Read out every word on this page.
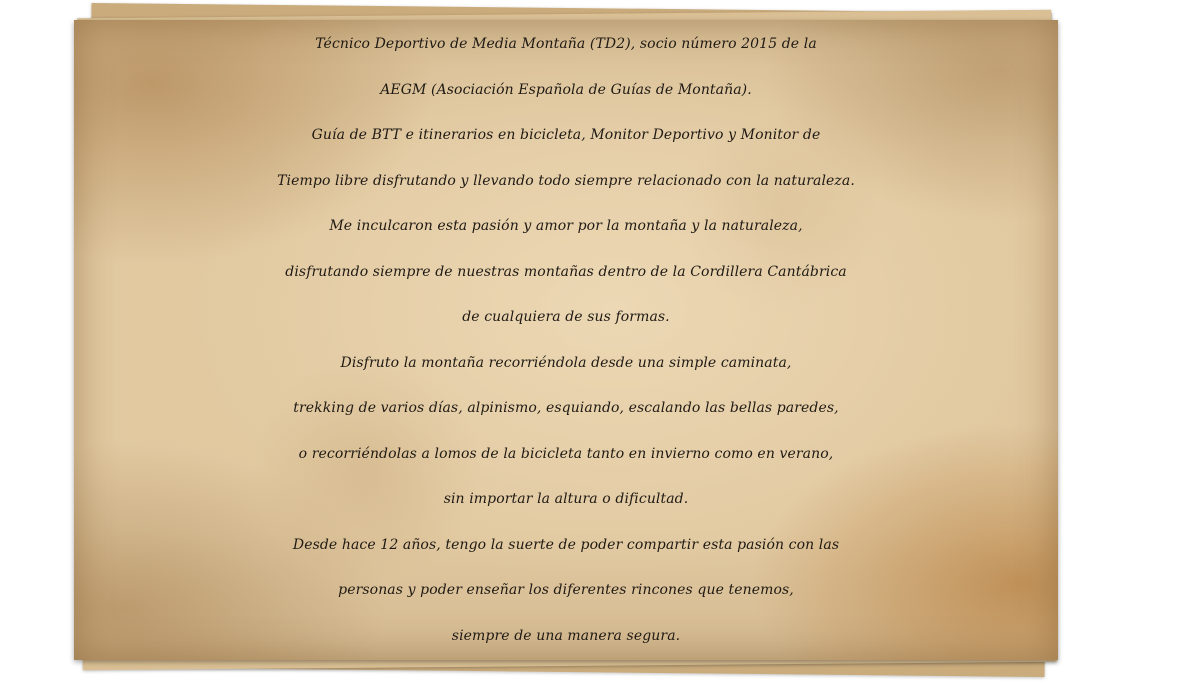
Técnico Deportivo de Media Montaña (TD2), socio número 2015 de la
AEGM (Asociación Española de Guías de Montaña).
Guía de BTT e itinerarios en bicicleta, Monitor Deportivo y Monitor de
Tiempo libre disfrutando y llevando todo siempre relacionado con la naturaleza.
Me inculcaron esta pasión y amor por la montaña y la naturaleza,
disfrutando siempre de nuestras montañas dentro de la Cordillera Cantábrica
de cualquiera de sus formas.
Disfruto la montaña recorriéndola desde una simple caminata,
trekking de varios días, alpinismo, esquiando, escalando las bellas paredes,
o recorriéndolas a lomos de la bicicleta tanto en invierno como en verano,
sin importar la altura o dificultad.
Desde hace 12 años, tengo la suerte de poder compartir esta pasión con las
personas y poder enseñar los diferentes rincones que tenemos,
siempre de una manera segura.
